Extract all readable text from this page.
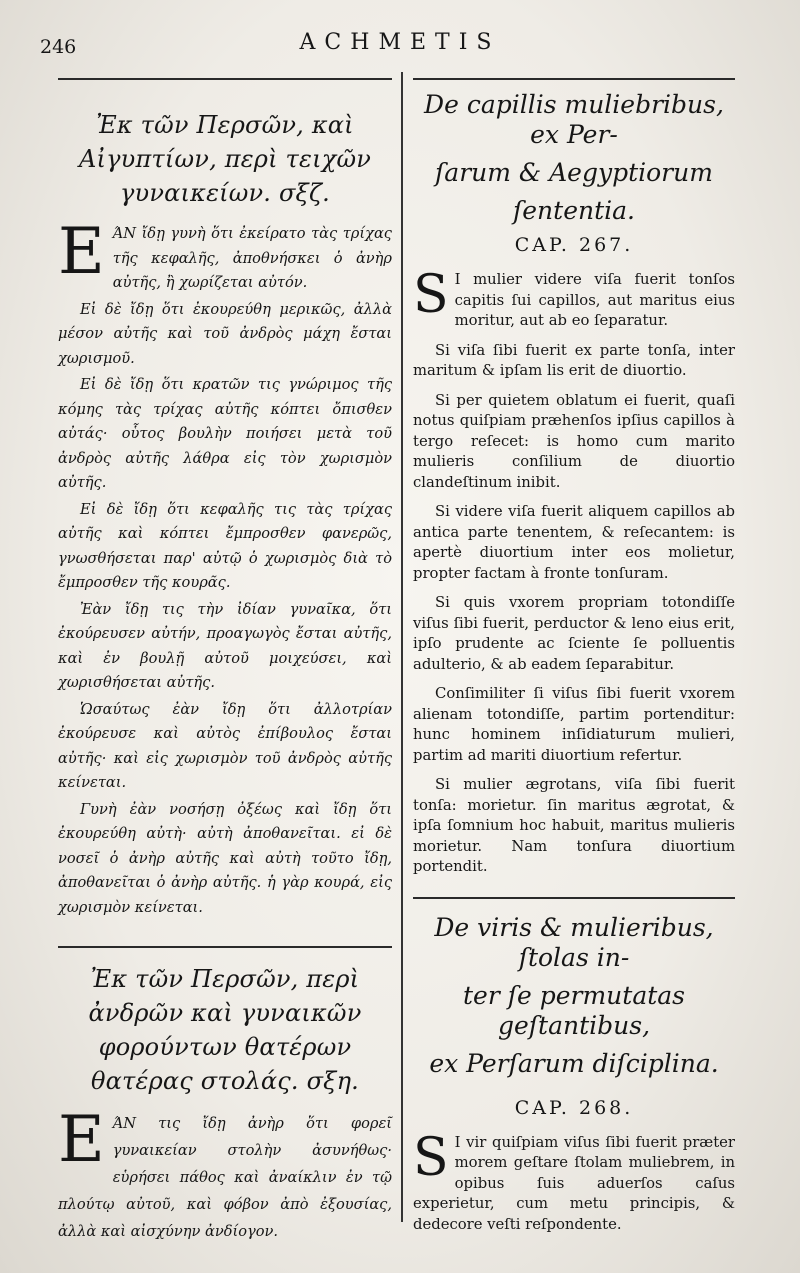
246	ACHMETIS
Ἐκ τῶν Περσῶν, καὶ Αἰγυπτίων, περὶ τειχῶν γυναικείων. σξζ.

EΆΝ ἴδῃ γυνὴ ὅτι ἐκείρατο τὰς τρίχας τῆς κεφαλῆς, ἀποθνήσκει ὁ ἀνὴρ αὐτῆς, ἢ χωρίζεται αὐτόν.

Εἰ δὲ ἴδῃ ὅτι ἐκουρεύθη μερικῶς, ἀλλὰ μέσον αὐτῆς καὶ τοῦ ἀνδρὸς μάχη ἔσται χωρισμοῦ.

Εἰ δὲ ἴδῃ ὅτι κρατῶν τις γνώριμος τῆς κόμης τὰς τρίχας αὐτῆς κόπτει ὄπισθεν αὐτάς· οὗτος βουλὴν ποιήσει μετὰ τοῦ ἀνδρὸς αὐτῆς λάθρα εἰς τὸν χωρισμὸν αὐτῆς.

Εἰ δὲ ἴδῃ ὅτι κεφαλῆς τις τὰς τρίχας αὐτῆς καὶ κόπτει ἔμπροσθεν φανερῶς, γνωσθήσεται παρ' αὐτῷ ὁ χωρισμὸς διὰ τὸ ἔμπροσθεν τῆς κουρᾶς.

Ἐὰν ἴδῃ τις τὴν ἰδίαν γυναῖκα, ὅτι ἐκούρευσεν αὐτήν, προαγωγὸς ἔσται αὐτῆς, καὶ ἐν βουλῇ αὐτοῦ μοιχεύσει, καὶ χωρισθήσεται αὐτῆς.

Ὡσαύτως ἐὰν ἴδῃ ὅτι ἀλλοτρίαν ἐκούρευσε καὶ αὐτὸς ἐπίβουλος ἔσται αὐτῆς· καὶ εἰς χωρισμὸν τοῦ ἀνδρὸς αὐτῆς κείνεται.

Γυνὴ ἐὰν νοσήσῃ ὀξέως καὶ ἴδῃ ὅτι ἐκουρεύθη αὐτὴ· αὐτὴ ἀποθανεῖται. εἰ δὲ νοσεῖ ὁ ἀνὴρ αὐτῆς καὶ αὐτὴ τοῦτο ἴδῃ, ἀποθανεῖται ὁ ἀνὴρ αὐτῆς. ἡ γὰρ κουρά, εἰς χωρισμὸν κείνεται.

Ἐκ τῶν Περσῶν, περὶ ἀνδρῶν καὶ γυναικῶν φορούντων θατέρων θατέρας στολάς. σξη.

EΆΝ τις ἴδῃ ἀνὴρ ὅτι φορεῖ γυναικείαν στολὴν ἀσυνήθως· εὑρήσει πάθος καὶ ἀναίκλιν ἐν τῷ πλούτῳ αὐτοῦ, καὶ φόβον ἀπὸ ἐξουσίας, ἀλλὰ καὶ αἰσχύνην ἀνδίογον.

De capillis muliebribus, ex Per-
ſarum & Aegyptiorum
ſententia.
CAP. 267.

S I mulier videre viſa fuerit tonſos capitis ſui capillos, aut maritus eius moritur, aut ab eo ſeparatur.

Si viſa ſibi fuerit ex parte tonſa, inter maritum & ipſam lis erit de diuortio.

Si per quietem oblatum ei fuerit, quaſi notus quiſpiam præhenſos ipſius capillos à tergo reſecet: is homo cum marito mulieris conſilium de diuortio clandeſtinum inibit.

Si videre viſa fuerit aliquem capillos ab antica parte tenentem, & reſecantem: is apertè diuortium inter eos molietur, propter factam à fronte tonſuram.

Si quis vxorem propriam totondiſſe viſus ſibi fuerit, perductor & leno eius erit, ipſo prudente ac ſciente ſe polluentis adulterio, & ab eadem ſeparabitur.

Conſimiliter ſi viſus ſibi fuerit vxorem alienam totondiſſe, partim portenditur: hunc hominem inſidiaturum mulieri, partim ad mariti diuortium refertur.

Si mulier ægrotans, viſa ſibi fuerit tonſa: morietur. ſin maritus ægrotat, & ipſa ſomnium hoc habuit, maritus mulieris morietur. Nam tonſura diuortium portendit.

De viris & mulieribus, ſtolas in-
ter ſe permutatas geſtantibus,
ex Perſarum diſciplina.
CAP. 268.

S I vir quiſpiam viſus ſibi fuerit præter morem geſtare ſtolam muliebrem, in opibus ſuis aduerſos caſus experietur, cum metu principis, & dedecore veſti reſpondente.
